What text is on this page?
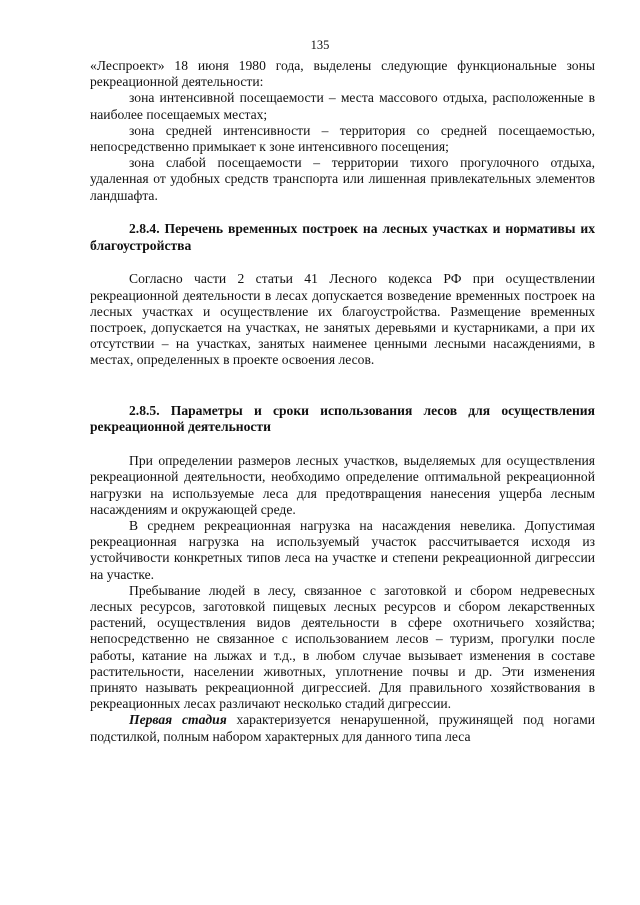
135

«Леспроект» 18 июня 1980 года, выделены следующие функциональные зоны рекреационной деятельности:

зона интенсивной посещаемости – места массового отдыха, расположенные в наиболее посещаемых местах;

зона средней интенсивности – территория со средней посещаемостью, непосредственно примыкает к зоне интенсивного посещения;

зона слабой посещаемости – территории тихого прогулочного отдыха, удаленная от удобных средств транспорта или лишенная привлекательных элементов ландшафта.

2.8.4. Перечень временных построек на лесных участках и нормативы их благоустройства

Согласно части 2 статьи 41 Лесного кодекса РФ при осуществлении рекреационной деятельности в лесах допускается возведение временных построек на лесных участках и осуществление их благоустройства. Размещение временных построек, допускается на участках, не занятых деревьями и кустарниками, а при их отсутствии – на участках, занятых наименее ценными лесными насаждениями, в местах, определенных в проекте освоения лесов.

2.8.5. Параметры и сроки использования лесов для осуществления рекреационной деятельности

При определении размеров лесных участков, выделяемых для осуществления рекреационной деятельности, необходимо определение оптимальной рекреационной нагрузки на используемые леса для предотвращения нанесения ущерба лесным насаждениям и окружающей среде.

В среднем рекреационная нагрузка на насаждения невелика. Допустимая рекреационная нагрузка на используемый участок рассчитывается исходя из устойчивости конкретных типов леса на участке и степени рекреационной дигрессии на участке.

Пребывание людей в лесу, связанное с заготовкой и сбором недревесных лесных ресурсов, заготовкой пищевых лесных ресурсов и сбором лекарственных растений, осуществления видов деятельности в сфере охотничьего хозяйства; непосредственно не связанное с использованием лесов – туризм, прогулки после работы, катание на лыжах и т.д., в любом случае вызывает изменения в составе растительности, населении животных, уплотнение почвы и др. Эти изменения принято называть рекреационной дигрессией. Для правильного хозяйствования в рекреационных лесах различают несколько стадий дигрессии.

Первая стадия характеризуется ненарушенной, пружинящей под ногами подстилкой, полным набором характерных для данного типа леса
